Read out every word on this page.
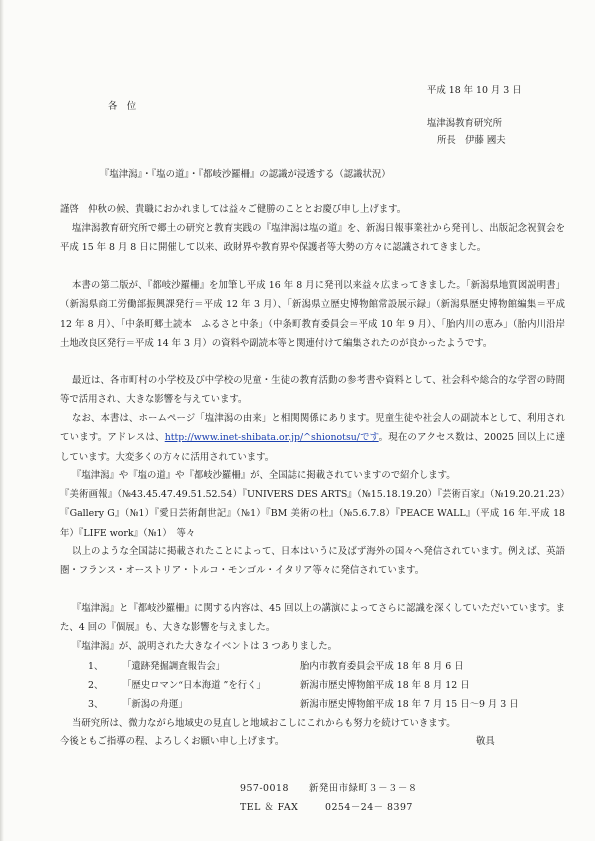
平成 18 年 10 月 3 日
各　位
塩津潟教育研究所
所長　伊藤 國夫
『塩津潟』・『塩の道』・『都岐沙羅柵』の認識が浸透する（認識状況）

謹啓　仲秋の候、貴職におかれましては益々ご健勝のこととお慶び申し上げます。

塩津潟教育研究所で郷土の研究と教育実践の『塩津潟は塩の道』を、新潟日報事業社から発刊し、出版記念祝賀会を平成 15 年 8 月 8 日に開催して以来、政財界や教育界や保護者等大勢の方々に認識されてきました。

本書の第二版が、『都岐沙羅柵』を加筆し平成 16 年 8 月に発刊以来益々広まってきました。「新潟県地質図説明書」（新潟県商工労働部振興課発行＝平成 12 年 3 月）、「新潟県立歴史博物館常設展示録」（新潟県歴史博物館編集＝平成 12 年 8 月）、「中条町郷土読本　ふるさと中条」（中条町教育委員会＝平成 10 年 9 月）、「胎内川の恵み」（胎内川沿岸土地改良区発行＝平成 14 年 3 月）の資料や副読本等と関連付けて編集されたのが良かったようです。

最近は、各市町村の小学校及び中学校の児童・生徒の教育活動の参考書や資料として、社会科や総合的な学習の時間等で活用され、大きな影響を与えています。

なお、本書は、ホームページ「塩津潟の由来」と相関関係にあります。児童生徒や社会人の副読本として、利用されています。アドレスは、http://www.inet-shibata.or.jp/^shionotsu/です。現在のアクセス数は、20025 回以上に達しています。大変多くの方々に活用されています。

『塩津潟』や『塩の道』や『都岐沙羅柵』が、全国誌に掲載されていますので紹介します。

『美術画報』（№43.45.47.49.51.52.54）『UNIVERS DES ARTS』（№15.18.19.20）『芸術百家』（№19.20.21.23）『Gallery G』（№1）『愛日芸術創世記』（№1）『BM 美術の杜』（№5.6.7.8）『PEACE WALL』（平成 16 年.平成 18 年）『LIFE work』（№1）　等々

以上のような全国誌に掲載されたことによって、日本はいうに及ばず海外の国々へ発信されています。例えば、英語圏・フランス・オーストリア・トルコ・モンゴル・イタリア等々に発信されています。

『塩津潟』と『都岐沙羅柵』に関する内容は、45 回以上の講演によってさらに認識を深くしていただいています。また、4 回の『個展』も、大きな影響を与えました。

『塩津潟』が、説明された大きなイベントは 3 つありました。

1、 「遺跡発掘調査報告会」	胎内市教育委員会平成 18 年 8 月 6 日
2、 「歴史ロマン“日本海道 ”を行く」	新潟市歴史博物館平成 18 年 8 月 12 日
3、 「新潟の舟運」	新潟市歴史博物館平成 18 年 7 月 15 日～9 月 3 日
当研究所は、微力ながら地域史の見直しと地域おこしにこれからも努力を続けていきます。
今後ともご指導の程、よろしくお願い申し上げます。	敬具
957-0018 新発田市緑町３－３－８
TEL ＆ FAX	0254－24－ 8397
